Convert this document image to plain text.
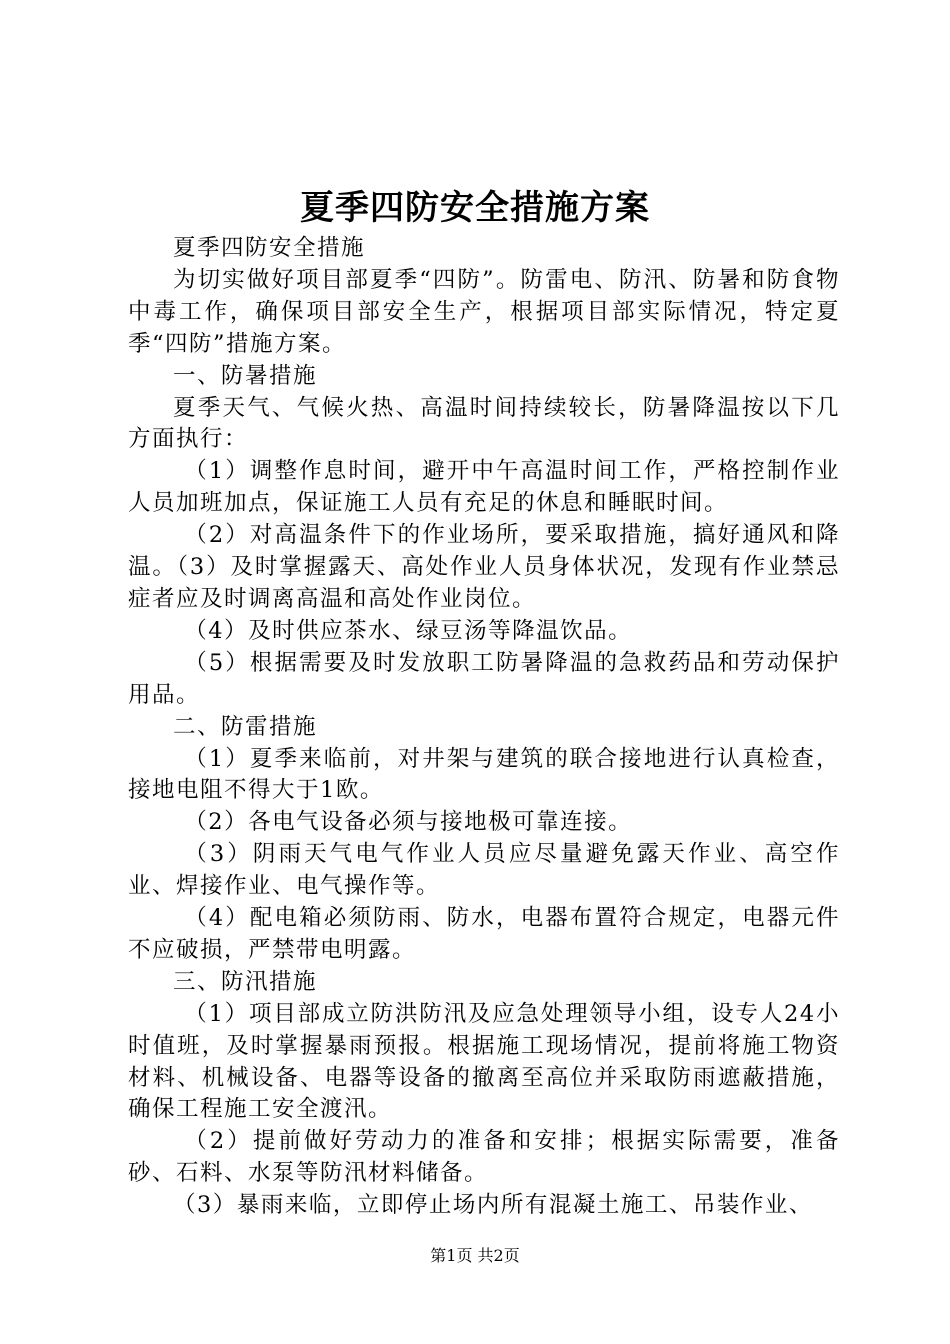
夏季四防安全措施方案

夏季四防安全措施

为切实做好项目部夏季“四防”。防雷电、防汛、防暑和防食物中毒工作，确保项目部安全生产，根据项目部实际情况，特定夏季“四防”措施方案。

一、防暑措施

夏季天气、气候火热、高温时间持续较长，防暑降温按以下几方面执行：

（1）调整作息时间，避开中午高温时间工作，严格控制作业人员加班加点，保证施工人员有充足的休息和睡眠时间。

（2）对高温条件下的作业场所，要采取措施，搞好通风和降温。（3）及时掌握露天、高处作业人员身体状况，发现有作业禁忌症者应及时调离高温和高处作业岗位。

（4）及时供应茶水、绿豆汤等降温饮品。

（5）根据需要及时发放职工防暑降温的急救药品和劳动保护用品。

二、防雷措施

（1）夏季来临前，对井架与建筑的联合接地进行认真检查，接地电阻不得大于1欧。

（2）各电气设备必须与接地极可靠连接。

（3）阴雨天气电气作业人员应尽量避免露天作业、高空作业、焊接作业、电气操作等。

（4）配电箱必须防雨、防水，电器布置符合规定，电器元件不应破损，严禁带电明露。

三、防汛措施

（1）项目部成立防洪防汛及应急处理领导小组，设专人24小时值班，及时掌握暴雨预报。根据施工现场情况，提前将施工物资材料、机械设备、电器等设备的撤离至高位并采取防雨遮蔽措施，确保工程施工安全渡汛。

（2）提前做好劳动力的准备和安排；根据实际需要，准备砂、石料、水泵等防汛材料储备。

（3）暴雨来临，立即停止场内所有混凝土施工、吊装作业、

第1页 共2页
